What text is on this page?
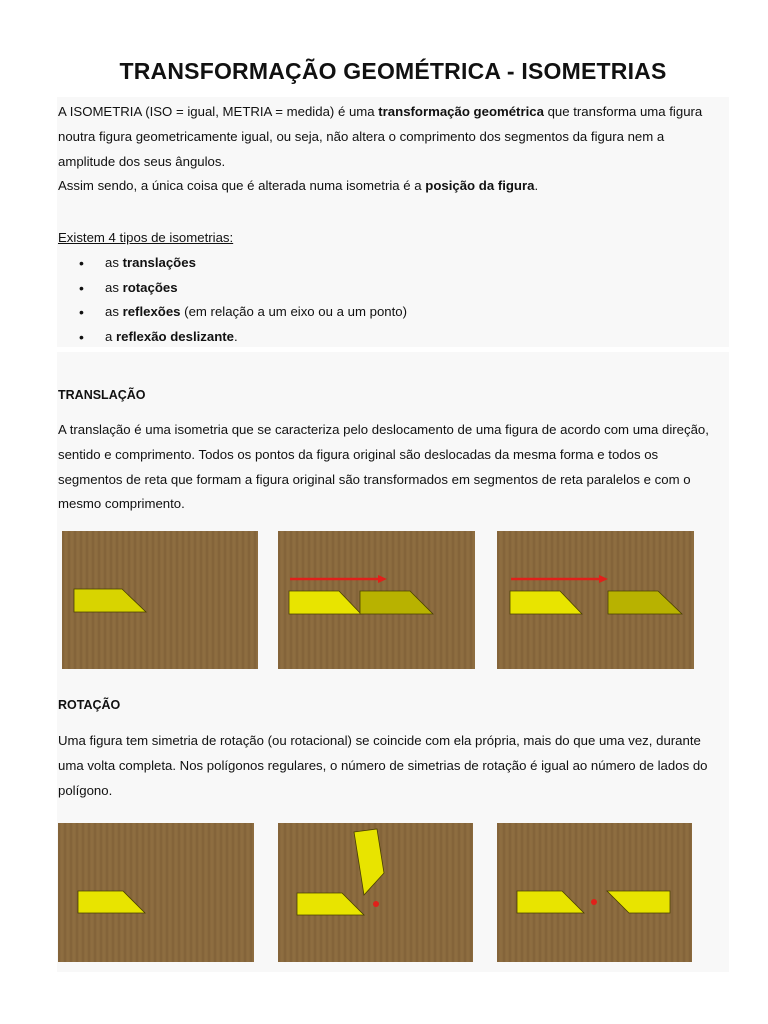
TRANSFORMAÇÃO GEOMÉTRICA - ISOMETRIAS
A ISOMETRIA (ISO = igual, METRIA = medida) é uma transformação geométrica que transforma uma figura noutra figura geometricamente igual, ou seja, não altera o comprimento dos segmentos da figura nem a amplitude dos seus ângulos.
Assim sendo, a única coisa que é alterada numa isometria é a posição da figura.
Existem 4 tipos de isometrias:
• as translações
• as rotações
• as reflexões (em relação a um eixo ou a um ponto)
• a reflexão deslizante.
TRANSLAÇÃO
A translação é uma isometria que se caracteriza pelo deslocamento de uma figura de acordo com uma direção, sentido e comprimento. Todos os pontos da figura original são deslocadas da mesma forma e todos os segmentos de reta que formam a figura original são transformados em segmentos de reta paralelos e com o mesmo comprimento.
ROTAÇÃO
Uma figura tem simetria de rotação (ou rotacional) se coincide com ela própria, mais do que uma vez, durante uma volta completa. Nos polígonos regulares, o número de simetrias de rotação é igual ao número de lados do polígono.
